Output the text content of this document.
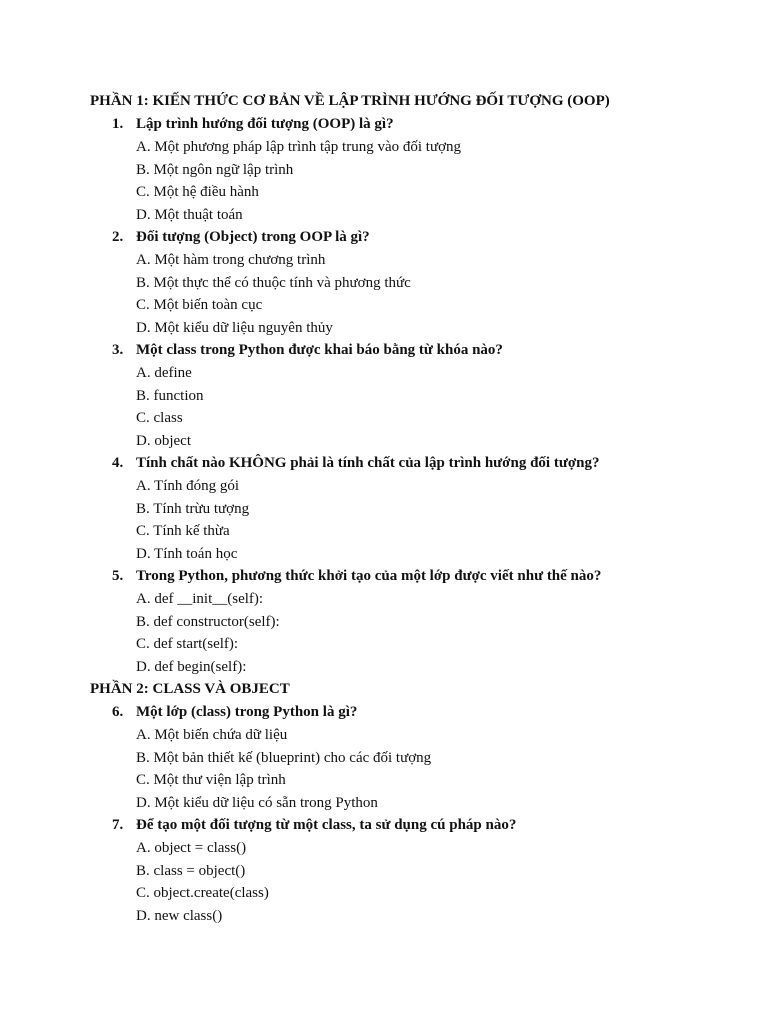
PHẦN 1: KIẾN THỨC CƠ BẢN VỀ LẬP TRÌNH HƯỚNG ĐỐI TƯỢNG (OOP)
1. Lập trình hướng đối tượng (OOP) là gì?
A. Một phương pháp lập trình tập trung vào đối tượng
B. Một ngôn ngữ lập trình
C. Một hệ điều hành
D. Một thuật toán
2. Đối tượng (Object) trong OOP là gì?
A. Một hàm trong chương trình
B. Một thực thể có thuộc tính và phương thức
C. Một biến toàn cục
D. Một kiểu dữ liệu nguyên thủy
3. Một class trong Python được khai báo bằng từ khóa nào?
A. define
B. function
C. class
D. object
4. Tính chất nào KHÔNG phải là tính chất của lập trình hướng đối tượng?
A. Tính đóng gói
B. Tính trừu tượng
C. Tính kế thừa
D. Tính toán học
5. Trong Python, phương thức khởi tạo của một lớp được viết như thế nào?
A. def __init__(self):
B. def constructor(self):
C. def start(self):
D. def begin(self):
PHẦN 2: CLASS VÀ OBJECT
6. Một lớp (class) trong Python là gì?
A. Một biến chứa dữ liệu
B. Một bản thiết kế (blueprint) cho các đối tượng
C. Một thư viện lập trình
D. Một kiểu dữ liệu có sẵn trong Python
7. Để tạo một đối tượng từ một class, ta sử dụng cú pháp nào?
A. object = class()
B. class = object()
C. object.create(class)
D. new class()
